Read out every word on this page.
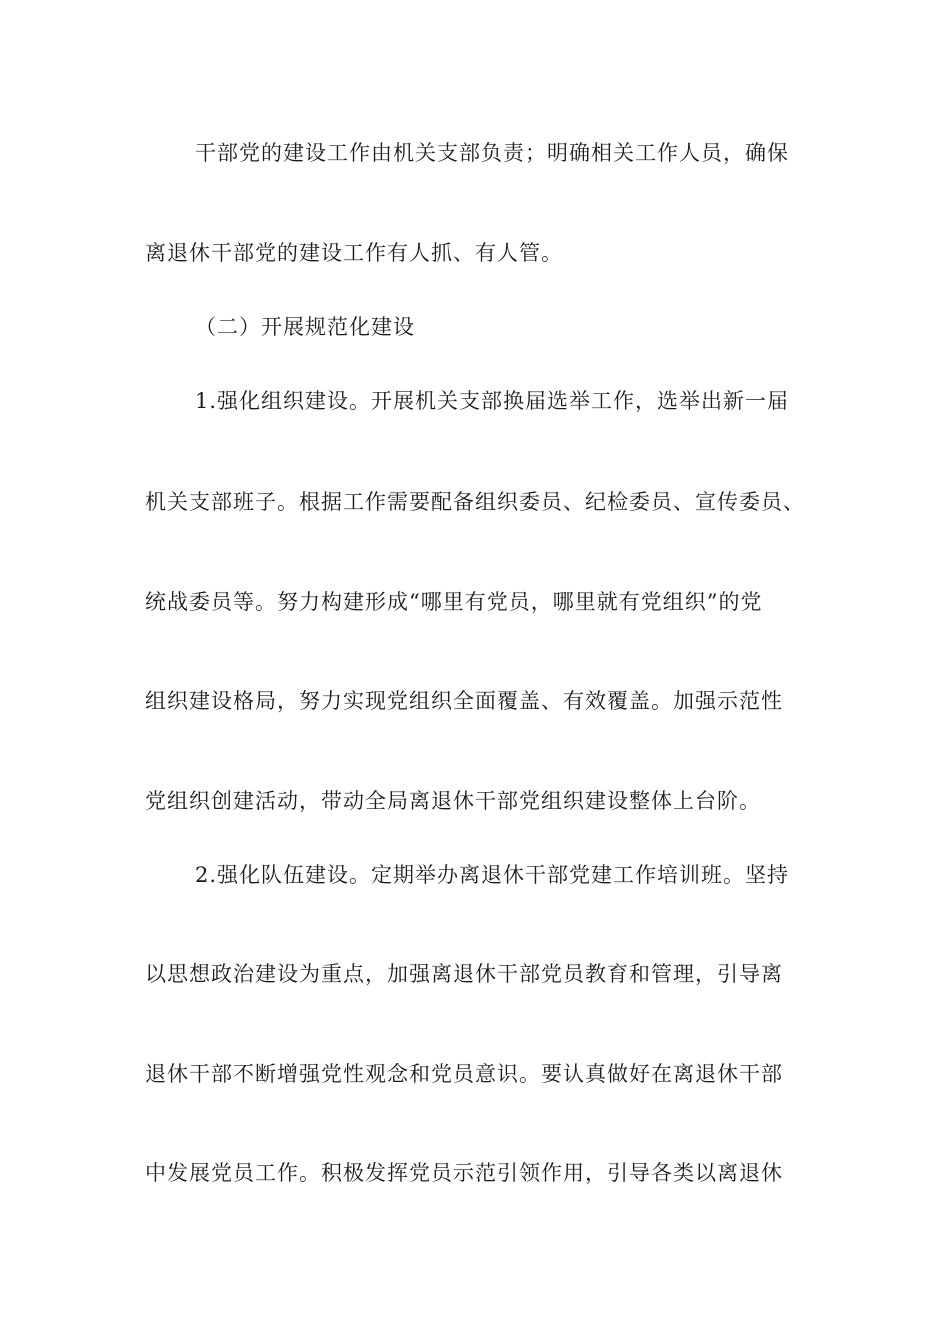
干部党的建设工作由机关支部负责；明确相关工作人员，确保
离退休干部党的建设工作有人抓、有人管。
（二）开展规范化建设
1.强化组织建设。开展机关支部换届选举工作，选举出新一届
机关支部班子。根据工作需要配备组织委员、纪检委员、宣传委员、
统战委员等。努力构建形成“哪里有党员，哪里就有党组织”的党
组织建设格局，努力实现党组织全面覆盖、有效覆盖。加强示范性
党组织创建活动，带动全局离退休干部党组织建设整体上台阶。
2.强化队伍建设。定期举办离退休干部党建工作培训班。坚持
以思想政治建设为重点，加强离退休干部党员教育和管理，引导离
退休干部不断增强党性观念和党员意识。要认真做好在离退休干部
中发展党员工作。积极发挥党员示范引领作用，引导各类以离退休
